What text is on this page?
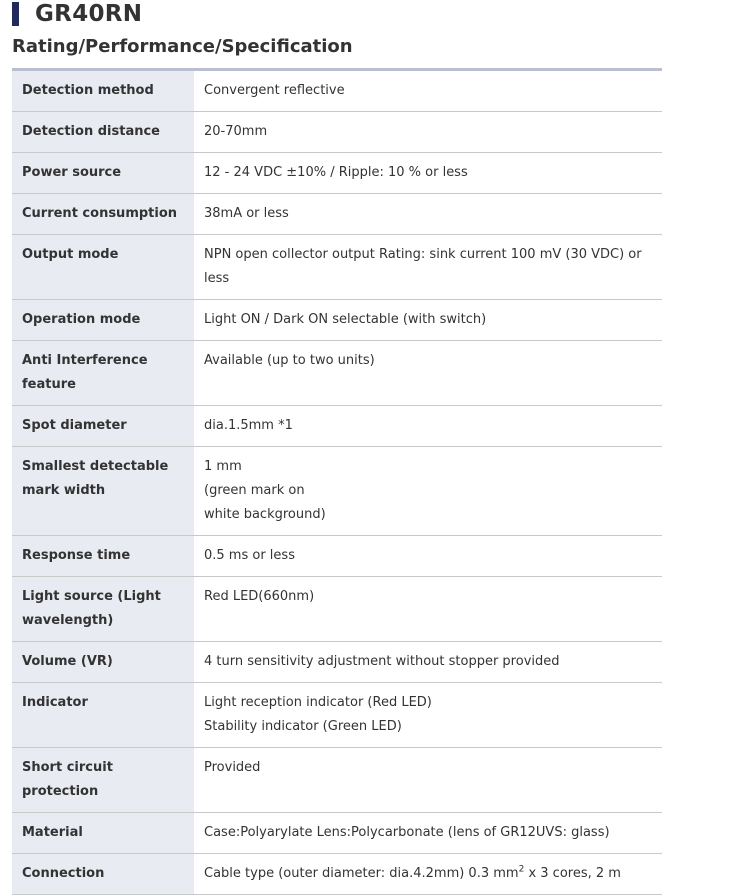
GR40RN
Rating/Performance/Specification
Detection method	Convergent reflective

Detection distance	20-70mm

Power source	12 - 24 VDC ±10% / Ripple: 10 % or less

Current consumption	38mA or less

Output mode	NPN open collector output Rating: sink current 100 mV (30 VDC) or less

Operation mode	Light ON / Dark ON selectable (with switch)

Anti Interference feature	Available (up to two units)

Spot diameter	dia.1.5mm *1

Smallest detectable mark width	1 mm
(green mark on
white background)

Response time	0.5 ms or less

Light source (Light wavelength)	Red LED(660nm)

Volume (VR)	4 turn sensitivity adjustment without stopper provided

Indicator	Light reception indicator (Red LED)
Stability indicator (Green LED)

Short circuit protection	Provided

Material	Case:Polyarylate Lens:Polycarbonate (lens of GR12UVS: glass)

Connection	Cable type (outer diameter: dia.4.2mm) 0.3 $mm^2$ x 3 cores, 2 m
